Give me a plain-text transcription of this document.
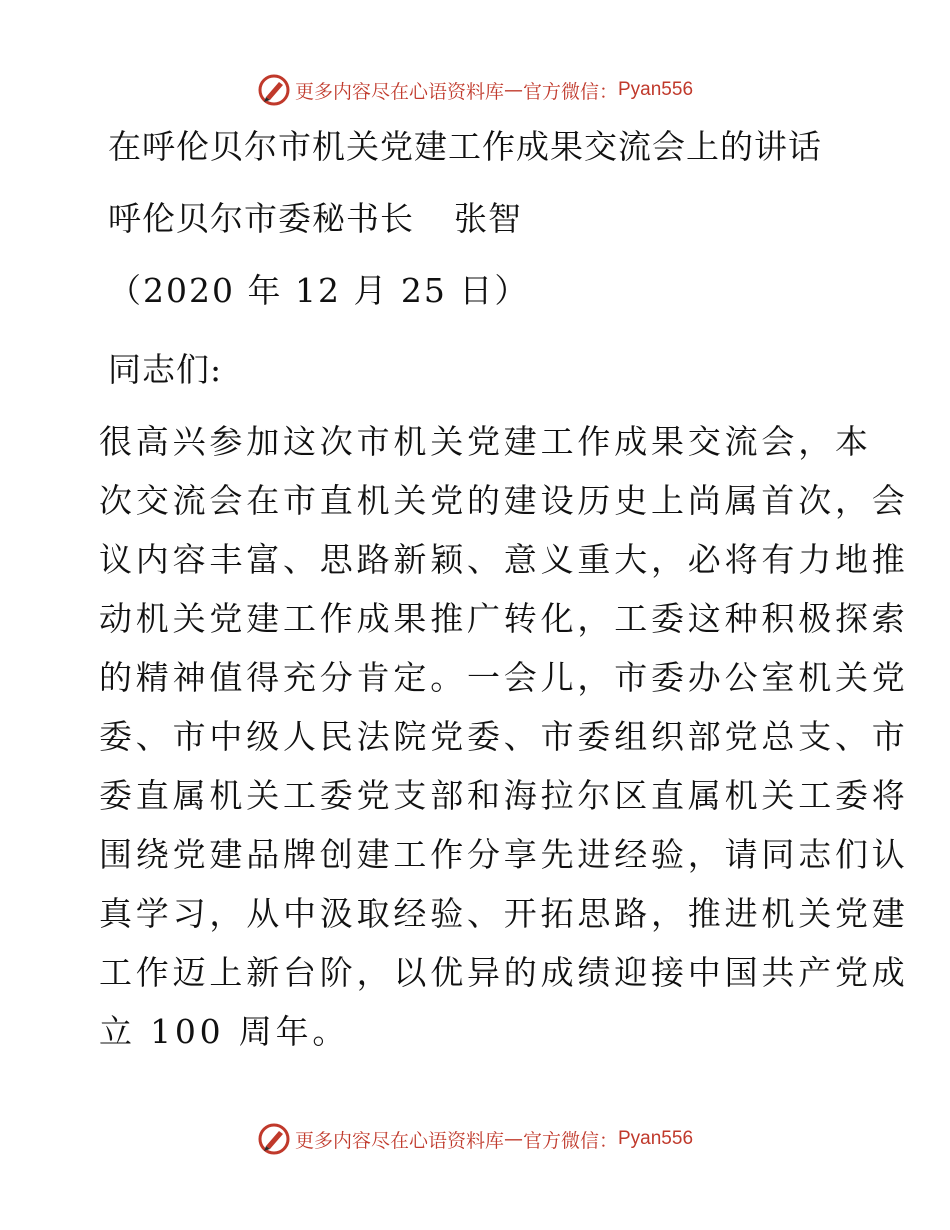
更多内容尽在心语资料库 — 官方微信： Pyan556
在呼伦贝尔市机关党建工作成果交流会上的讲话
呼伦贝尔市委秘书长 张智
（2020 年 12 月 25 日）
同志们:
很高兴参加这次市机关党建工作成果交流会，本
次交流会在市直机关党的建设历史上尚属首次，会
议内容丰富、思路新颖、意义重大，必将有力地推
动机关党建工作成果推广转化，工委这种积极探索
的精神值得充分肯定。一会儿，市委办公室机关党
委、市中级人民法院党委、市委组织部党总支、市
委直属机关工委党支部和海拉尔区直属机关工委将
围绕党建品牌创建工作分享先进经验，请同志们认
真学习，从中汲取经验、开拓思路，推进机关党建
工作迈上新台阶，以优异的成绩迎接中国共产党成
立 100 周年。
更多内容尽在心语资料库 — 官方微信： Pyan556
